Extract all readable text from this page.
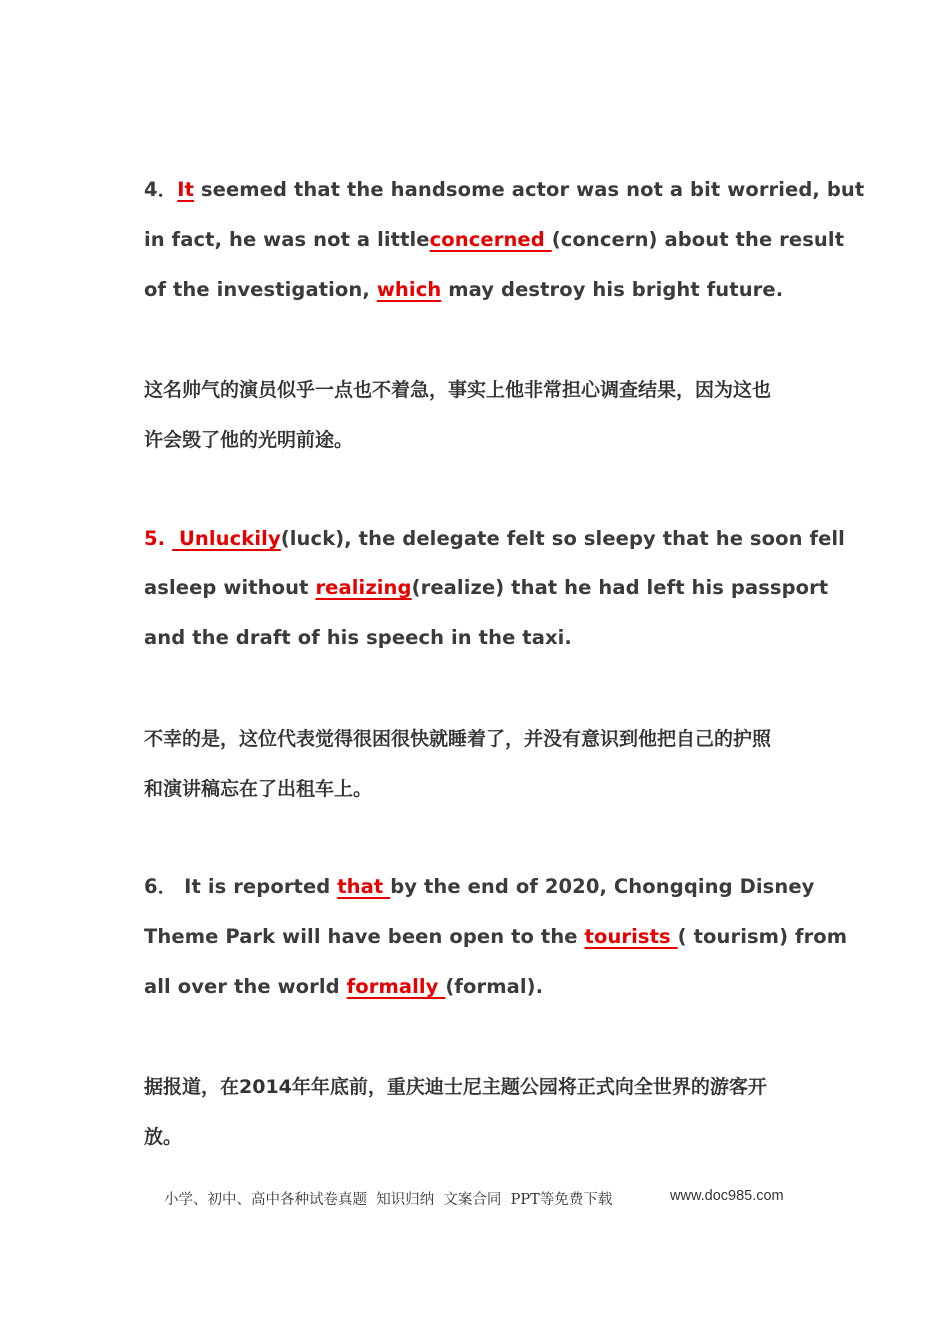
4．It seemed that the handsome actor was not a bit worried, but
in fact, he was not a littleconcerned (concern) about the result
of the investigation, which may destroy his bright future.
这名帅气的演员似乎一点也不着急，事实上他非常担心调查结果，因为这也
许会毁了他的光明前途。
5.  Unluckily(luck), the delegate felt so sleepy that he soon fell
asleep without realizing(realize) that he had left his passport
and the draft of his speech in the taxi.
不幸的是，这位代表觉得很困很快就睡着了，并没有意识到他把自己的护照
和演讲稿忘在了出租车上。
6． It is reported that by the end of 2020, Chongqing Disney
Theme Park will have been open to the tourists ( tourism) from
all over the world formally (formal).
据报道，在2014年年底前，重庆迪士尼主题公园将正式向全世界的游客开
放。
小学、初中、高中各种试卷真题  知识归纳  文案合同  PPT等免费下载	www.doc985.com
